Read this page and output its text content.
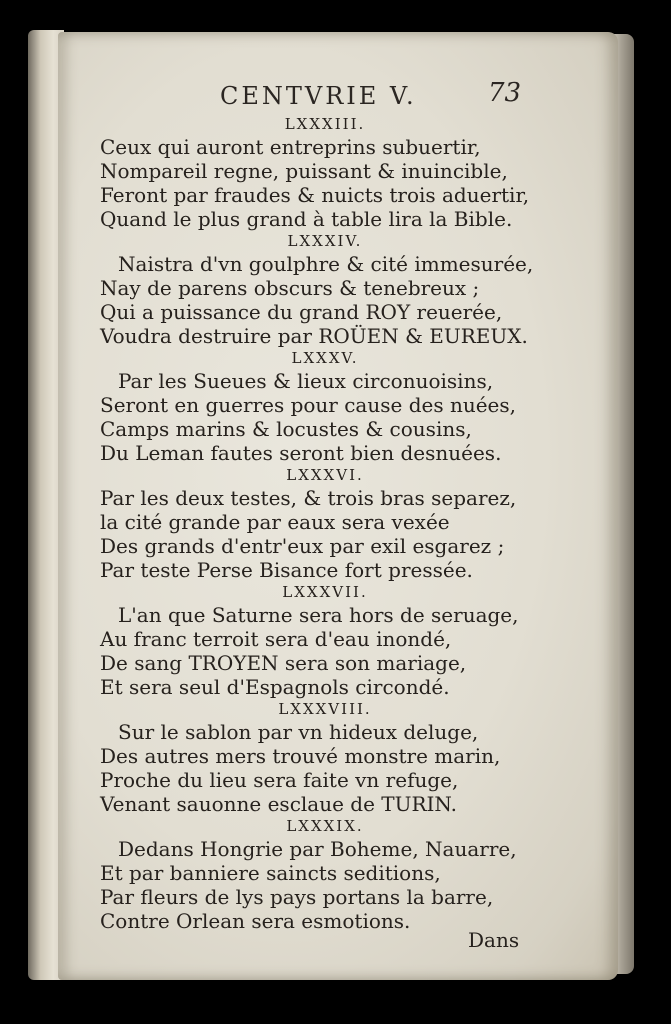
CENTVRIE V.	73
LXXXIII.
Ceux qui auront entreprins subuertir,
Nompareil regne, puissant & inuincible,
Feront par fraudes & nuicts trois aduertir,
Quand le plus grand à table lira la Bible.
LXXXIV.
Naistra d'vn goulphre & cité immesurée,
Nay de parens obscurs & tenebreux ;
Qui a puissance du grand ROY reuerée,
Voudra destruire par ROÜEN & EUREUX.
LXXXV.
Par les Sueues & lieux circonuoisins,
Seront en guerres pour cause des nuées,
Camps marins & locustes & cousins,
Du Leman fautes seront bien desnuées.
LXXXVI.
Par les deux testes, & trois bras separez,
la cité grande par eaux sera vexée
Des grands d'entr'eux par exil esgarez ;
Par teste Perse Bisance fort pressée.
LXXXVII.
L'an que Saturne sera hors de seruage,
Au franc terroit sera d'eau inondé,
De sang TROYEN sera son mariage,
Et sera seul d'Espagnols circondé.
LXXXVIII.
Sur le sablon par vn hideux deluge,
Des autres mers trouvé monstre marin,
Proche du lieu sera faite vn refuge,
Venant sauonne esclaue de TURIN.
LXXXIX.
Dedans Hongrie par Boheme, Nauarre,
Et par banniere saincts seditions,
Par fleurs de lys pays portans la barre,
Contre Orlean sera esmotions.
Dans
